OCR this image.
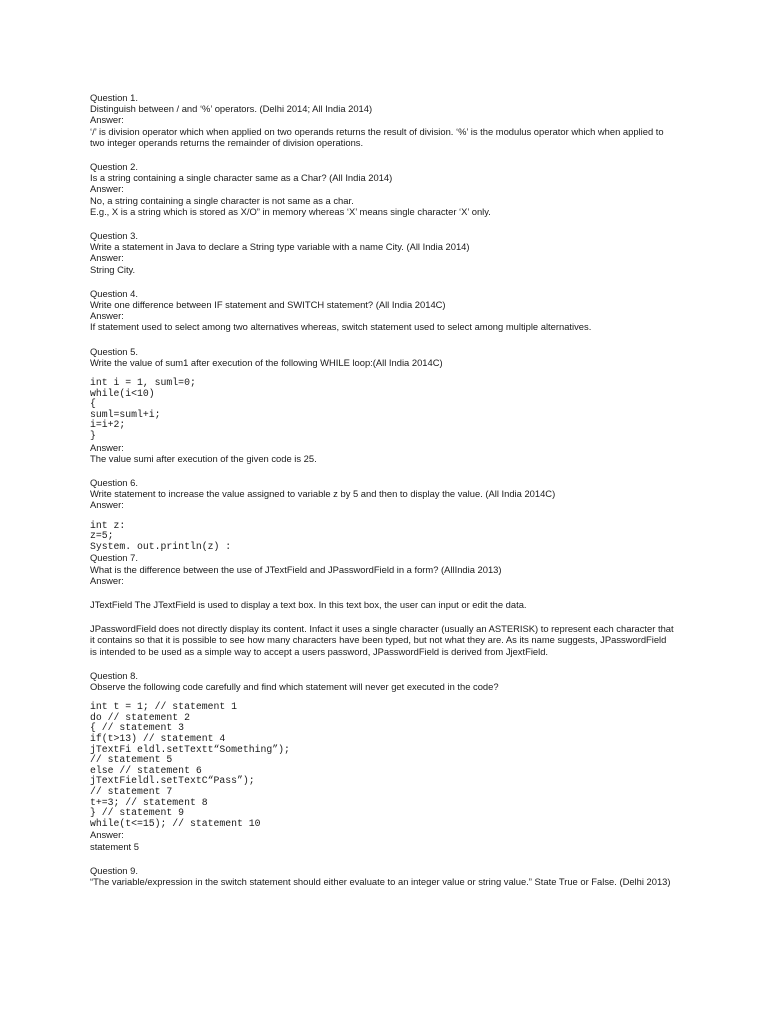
Question 1.
Distinguish between / and ‘%’ operators. (Delhi 2014; All India 2014)
Answer:
‘/’ is division operator which when applied on two operands returns the result of division. ‘%’ is the modulus operator which when applied to
two integer operands returns the remainder of division operations.
Question 2.
Is a string containing a single character same as a Char? (All India 2014)
Answer:
No, a string containing a single character is not same as a char.
E.g., X is a string which is stored as X/O” in memory whereas ‘X’ means single character ‘X’ only.
Question 3.
Write a statement in Java to declare a String type variable with a name City. (All India 2014)
Answer:
String City.
Question 4.
Write one difference between IF statement and SWITCH statement? (All India 2014C)
Answer:
If statement used to select among two alternatives whereas, switch statement used to select among multiple alternatives.
Question 5.
Write the value of sum1 after execution of the following WHILE loop:(All India 2014C)
int i = 1, suml=0;
while(i<10)
{
suml=suml+i;
i=i+2;
}
Answer:
The value sumi after execution of the given code is 25.
Question 6.
Write statement to increase the value assigned to variable z by 5 and then to display the value. (All India 2014C)
Answer:
int z:
z=5;
System. out.println(z) :
Question 7.
What is the difference between the use of JTextField and JPasswordField in a form? (AllIndia 2013)
Answer:
JTextField The JTextField is used to display a text box. In this text box, the user can input or edit the data.
JPasswordField does not directly display its content. Infact it uses a single character (usually an ASTERISK) to represent each character that
it contains so that it is possible to see how many characters have been typed, but not what they are. As its name suggests, JPasswordField
is intended to be used as a simple way to accept a users password, JPasswordField is derived from JjextField.
Question 8.
Observe the following code carefully and find which statement will never get executed in the code?
int t = 1; // statement 1
do // statement 2
{ // statement 3
if(t>13) // statement 4
jTextFi eldl.setTextt“Something”);
// statement 5
else // statement 6
jTextFieldl.setTextC“Pass”);
// statement 7
t+=3; // statement 8
} // statement 9
while(t<=15); // statement 10
Answer:
statement 5
Question 9.
“The variable/expression in the switch statement should either evaluate to an integer value or string value.” State True or False. (Delhi 2013)
